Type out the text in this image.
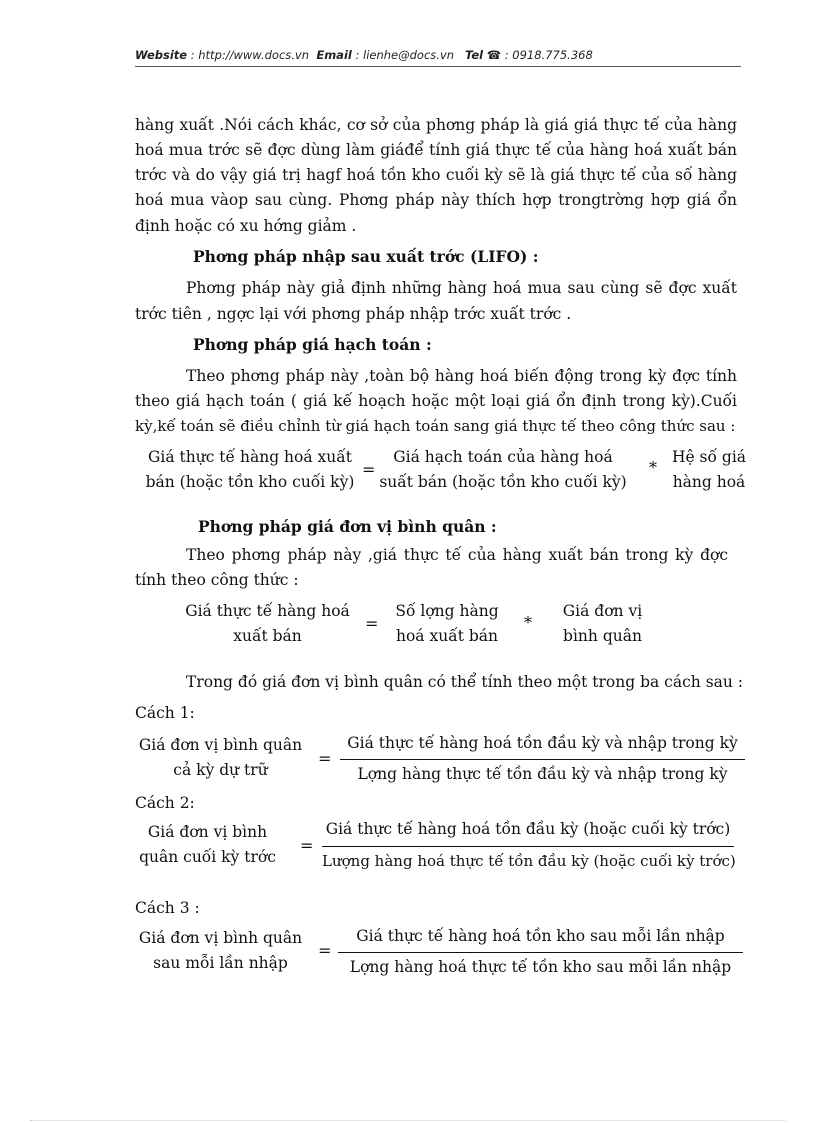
Website : http://www.docs.vn Email : lienhe@docs.vn Tel ☎ : 0918.775.368
hàng xuất .Nói cách khác, cơ sở của phơng pháp là giá giá thực tế của hàng
hoá mua trớc sẽ đợc dùng làm giáđể tính giá thực tế của hàng hoá xuất bán
trớc và do vậy giá trị hagf hoá tồn kho cuối kỳ sẽ là giá thực tế của số hàng
hoá mua vàop sau cùng. Phơng pháp này thích hợp trongtrờng hợp giá ổn
định hoặc có xu hớng giảm .
Phơng pháp nhập sau xuất trớc (LIFO) :
Phơng pháp này giả định những hàng hoá mua sau cùng sẽ đợc xuất
trớc tiên , ngợc lại với phơng pháp nhập trớc xuất trớc .
Phơng pháp giá hạch toán :
Theo phơng pháp này ,toàn bộ hàng hoá biến động trong kỳ đợc tính
theo giá hạch toán ( giá kế hoạch hoặc một loại giá ổn định trong kỳ).Cuối
kỳ,kế toán sẽ điều chỉnh từ giá hạch toán sang giá thực tế theo công thức sau :
Giá thực tế hàng hoá xuất
bán (hoặc tồn kho cuối kỳ)
=
Giá hạch toán của hàng hoá
suất bán (hoặc tồn kho cuối kỳ)
*
Hệ số giá
hàng hoá
Phơng pháp giá đơn vị bình quân :
Theo phơng pháp này ,giá thực tế của hàng xuất bán trong kỳ đợc
tính theo công thức :
Giá thực tế hàng hoá
xuất bán
=
Số lợng hàng
hoá xuất bán
*
Giá đơn vị
bình quân
Trong đó giá đơn vị bình quân có thể tính theo một trong ba cách sau :
Cách 1:
Giá đơn vị bình quân
cả kỳ dự trữ
=
Giá thực tế hàng hoá tồn đầu kỳ và nhập trong kỳ
Lợng hàng thực tế tồn đầu kỳ và nhập trong kỳ
Cách 2:
Giá đơn vị bình
quân cuối kỳ trớc
=
Giá thực tế hàng hoá tồn đầu kỳ (hoặc cuối kỳ trớc)
Lượng hàng hoá thực tế tồn đầu kỳ (hoặc cuối kỳ trớc)
Cách 3 :
Giá đơn vị bình quân
sau mỗi lần nhập
=
Giá thực tế hàng hoá tồn kho sau mỗi lần nhập
Lợng hàng hoá thực tế tồn kho sau mỗi lần nhập
